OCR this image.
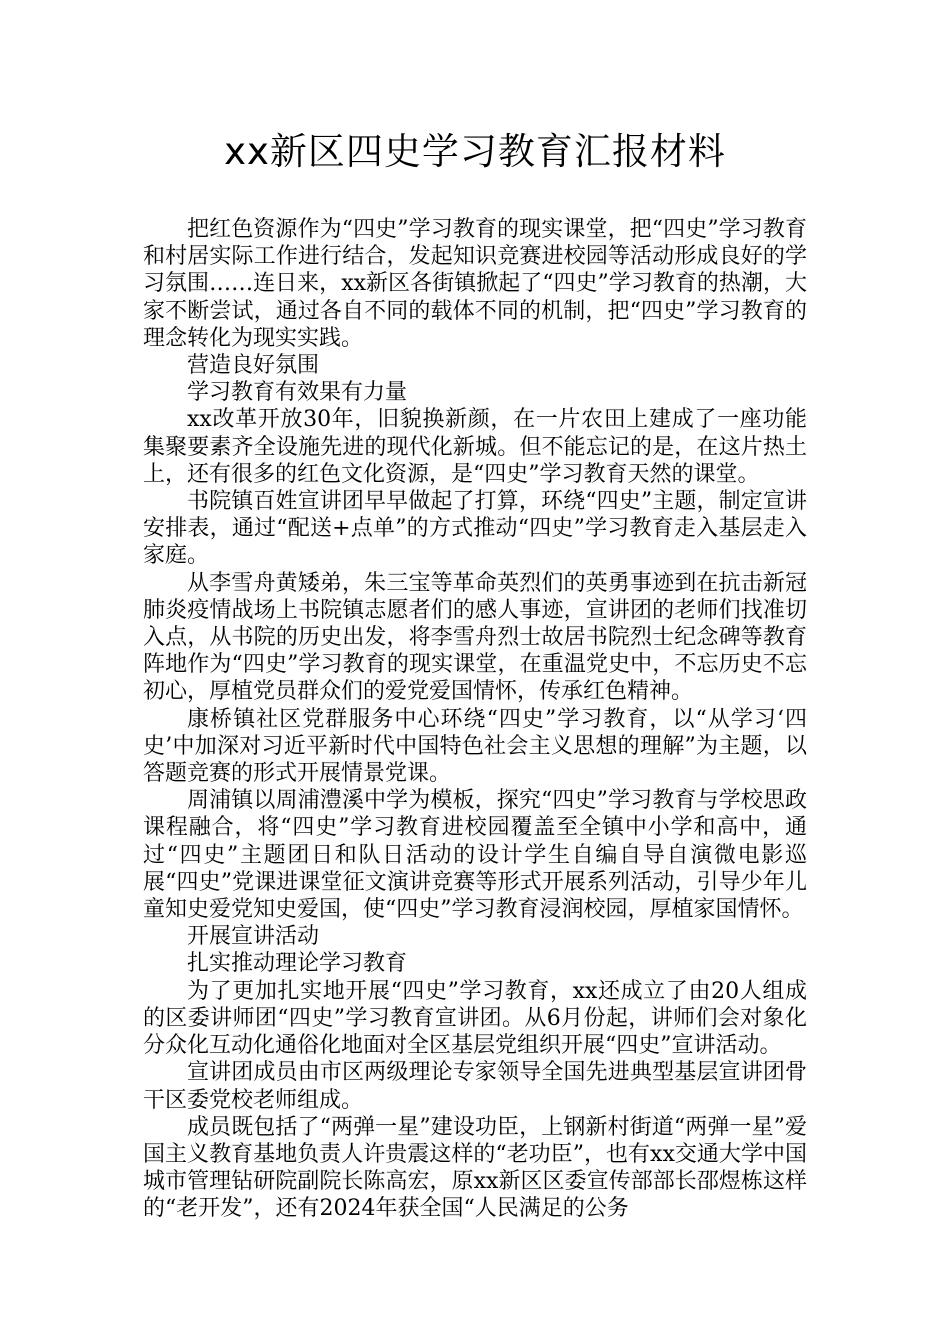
xx新区四史学习教育汇报材料

把红色资源作为“四史”学习教育的现实课堂，把“四史”学习教育和村居实际工作进行结合，发起知识竞赛进校园等活动形成良好的学习氛围……连日来，xx新区各街镇掀起了“四史”学习教育的热潮，大家不断尝试，通过各自不同的载体不同的机制，把“四史”学习教育的理念转化为现实实践。

营造良好氛围

学习教育有效果有力量

xx改革开放30年，旧貌换新颜，在一片农田上建成了一座功能集聚要素齐全设施先进的现代化新城。但不能忘记的是，在这片热土上，还有很多的红色文化资源，是“四史”学习教育天然的课堂。

书院镇百姓宣讲团早早做起了打算，环绕“四史”主题，制定宣讲安排表，通过“配送+点单”的方式推动“四史”学习教育走入基层走入家庭。

从李雪舟黄矮弟，朱三宝等革命英烈们的英勇事迹到在抗击新冠肺炎疫情战场上书院镇志愿者们的感人事迹，宣讲团的老师们找准切入点，从书院的历史出发，将李雪舟烈士故居书院烈士纪念碑等教育阵地作为“四史”学习教育的现实课堂，在重温党史中，不忘历史不忘初心，厚植党员群众们的爱党爱国情怀，传承红色精神。

康桥镇社区党群服务中心环绕“四史”学习教育，以“从学习‘四史’中加深对习近平新时代中国特色社会主义思想的理解”为主题，以答题竞赛的形式开展情景党课。

周浦镇以周浦澧溪中学为模板，探究“四史”学习教育与学校思政课程融合，将“四史”学习教育进校园覆盖至全镇中小学和高中，通过“四史”主题团日和队日活动的设计学生自编自导自演微电影巡展“四史”党课进课堂征文演讲竞赛等形式开展系列活动，引导少年儿童知史爱党知史爱国，使“四史”学习教育浸润校园，厚植家国情怀。

开展宣讲活动

扎实推动理论学习教育

为了更加扎实地开展“四史”学习教育，xx还成立了由20人组成的区委讲师团“四史”学习教育宣讲团。从6月份起，讲师们会对象化分众化互动化通俗化地面对全区基层党组织开展“四史”宣讲活动。

宣讲团成员由市区两级理论专家领导全国先进典型基层宣讲团骨干区委党校老师组成。

成员既包括了“两弹一星”建设功臣，上钢新村街道“两弹一星”爱国主义教育基地负责人许贵震这样的“老功臣”，也有xx交通大学中国城市管理钻研院副院长陈高宏，原xx新区区委宣传部部长邵煜栋这样的“老开发”，还有2024年获全国“人民满足的公务
